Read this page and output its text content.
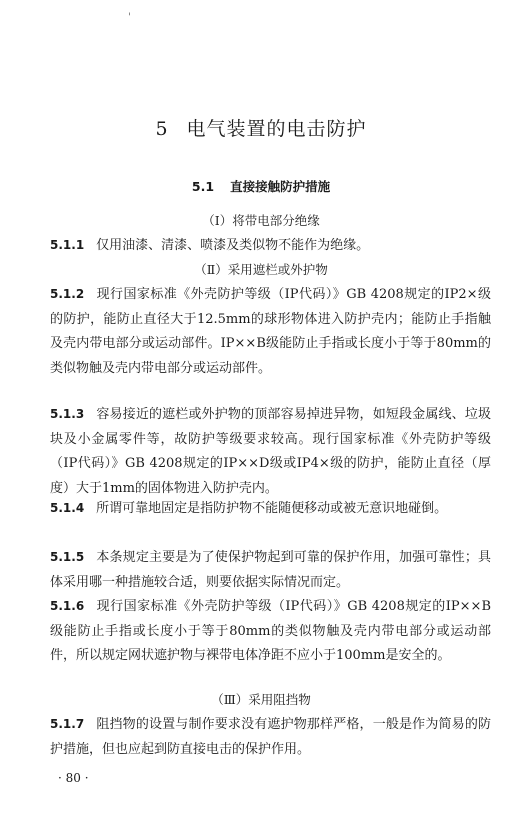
'
5 电气装置的电击防护
5.1 直接接触防护措施
（Ⅰ）将带电部分绝缘

5.1.1 仅用油漆、清漆、喷漆及类似物不能作为绝缘。

（Ⅱ）采用遮栏或外护物

5.1.2 现行国家标准《外壳防护等级（IP代码）》GB 4208规定的IP2×级的防护，能防止直径大于12.5mm的球形物体进入防护壳内；能防止手指触及壳内带电部分或运动部件。IP××B级能防止手指或长度小于等于80mm的类似物触及壳内带电部分或运动部件。

5.1.3 容易接近的遮栏或外护物的顶部容易掉进异物，如短段金属线、垃圾块及小金属零件等，故防护等级要求较高。现行国家标准《外壳防护等级（IP代码）》GB 4208规定的IP××D级或IP4×级的防护，能防止直径（厚度）大于1mm的固体物进入防护壳内。

5.1.4 所谓可靠地固定是指防护物不能随便移动或被无意识地碰倒。

5.1.5 本条规定主要是为了使保护物起到可靠的保护作用，加强可靠性；具体采用哪一种措施较合适，则要依据实际情况而定。

5.1.6 现行国家标准《外壳防护等级（IP代码）》GB 4208规定的IP××B级能防止手指或长度小于等于80mm的类似物触及壳内带电部分或运动部件，所以规定网状遮护物与裸带电体净距不应小于100mm是安全的。

（Ⅲ）采用阻挡物

5.1.7 阻挡物的设置与制作要求没有遮护物那样严格，一般是作为简易的防护措施，但也应起到防直接电击的保护作用。

· 80 ·
